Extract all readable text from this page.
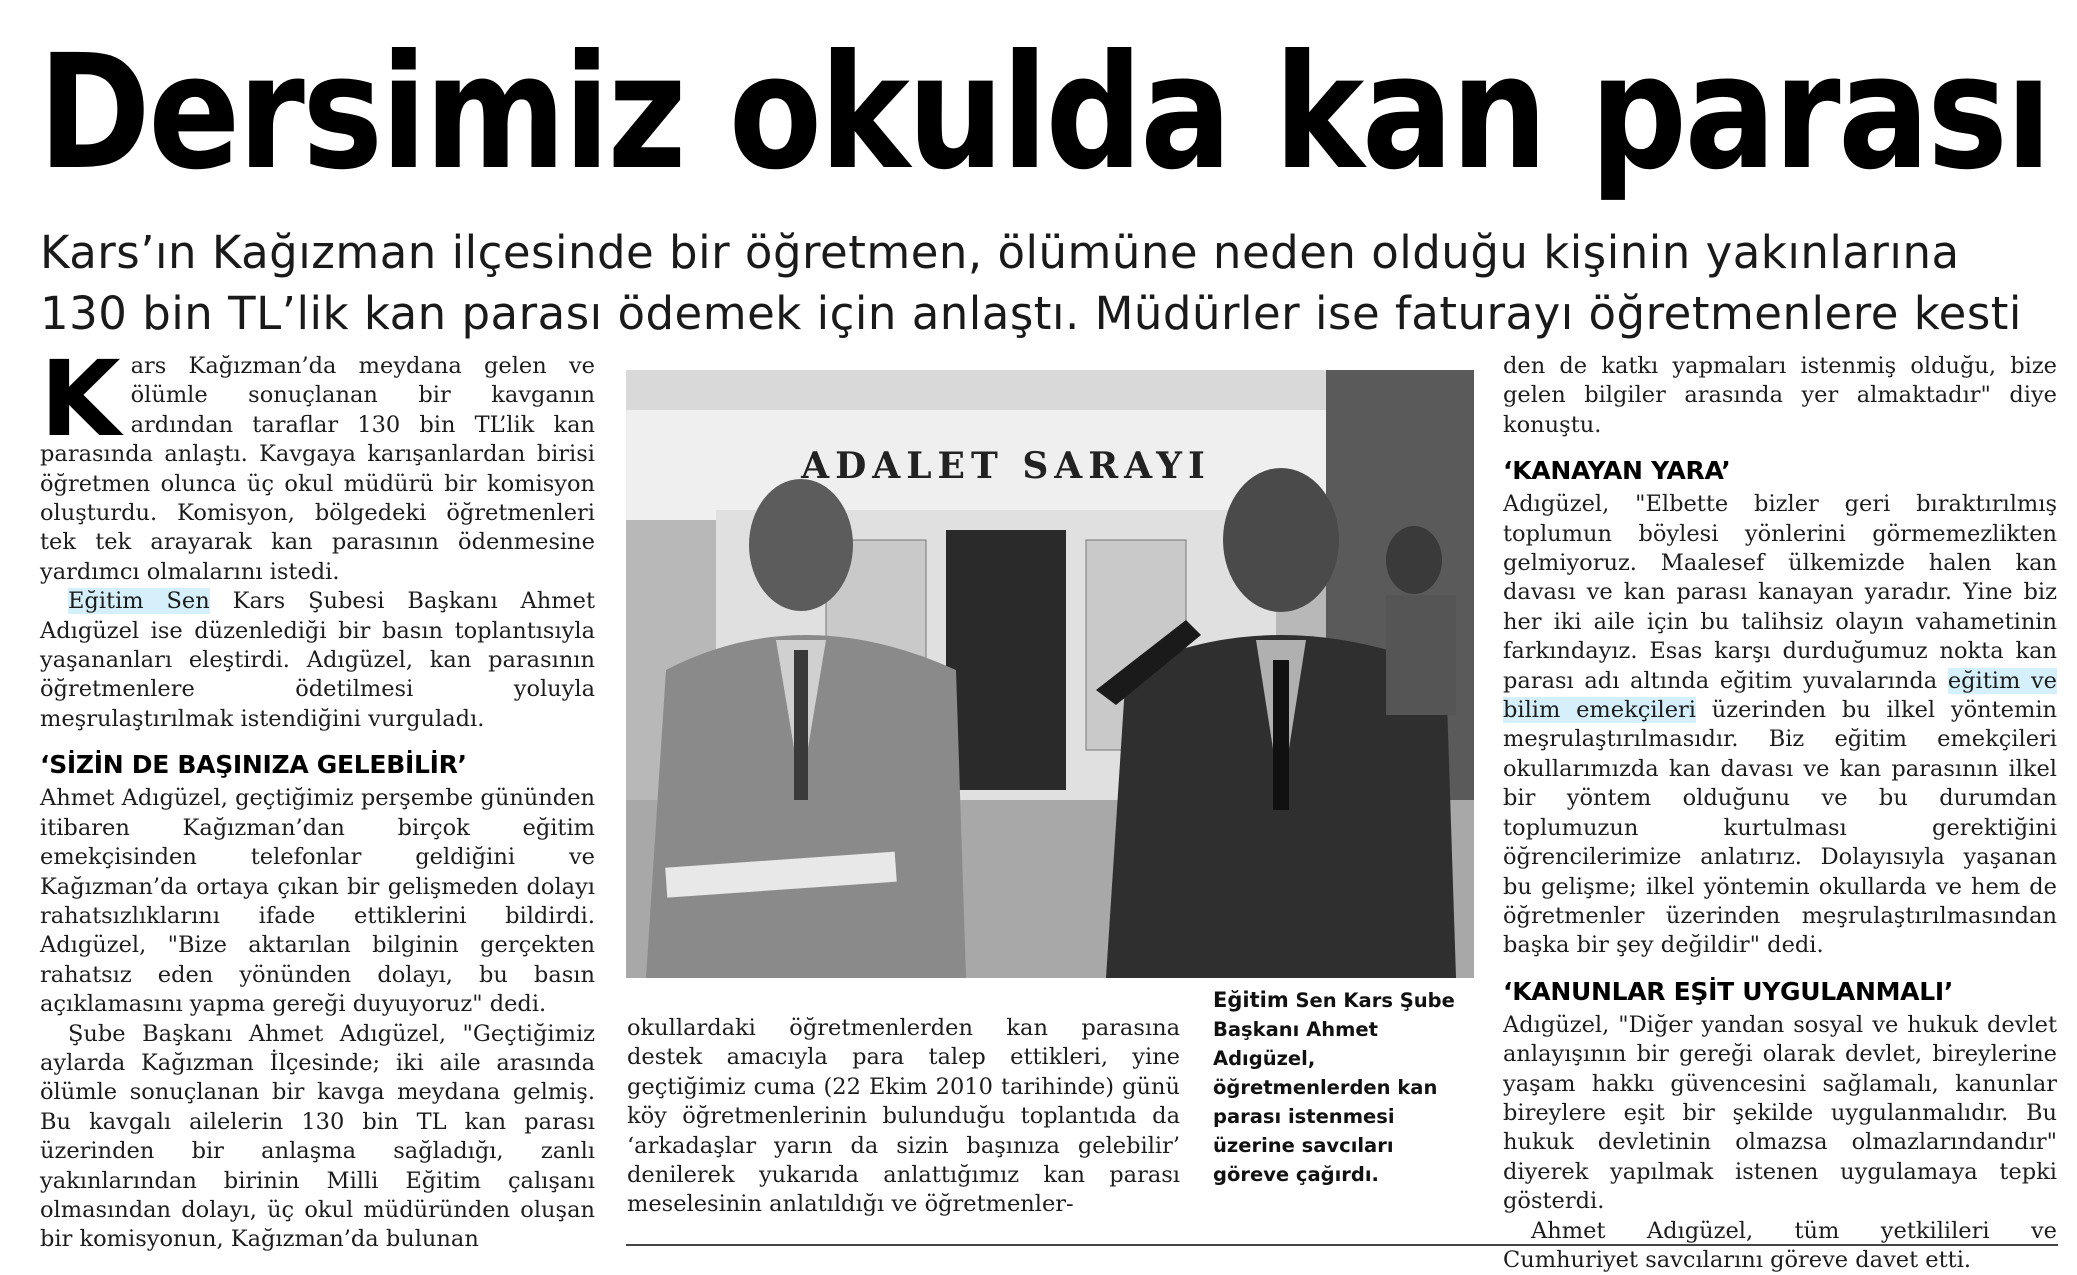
Dersimiz okulda kan parası
Kars’ın Kağızman ilçesinde bir öğretmen, ölümüne neden olduğu kişinin yakınlarına
130 bin TL’lik kan parası ödemek için anlaştı. Müdürler ise faturayı öğretmenlere kesti

Kars Kağızman’da meydana gelen ve ölümle sonuçlanan bir kavganın ardından taraflar 130 bin TL’lik kan parasında anlaştı. Kavgaya karışanlardan birisi öğretmen olunca üç okul müdürü bir komisyon oluşturdu. Komisyon, bölgedeki öğretmenleri tek tek arayarak kan parasının ödenmesine yardımcı olmalarını istedi.

Eğitim Sen Kars Şubesi Başkanı Ahmet Adıgüzel ise düzenlediği bir basın toplantısıyla yaşananları eleştirdi. Adıgüzel, kan parasının öğretmenlere ödetilmesi yoluyla meşrulaştırılmak istendiğini vurguladı.

‘SİZİN DE BAŞINIZA GELEBİLİR’

Ahmet Adıgüzel, geçtiğimiz perşembe gününden itibaren Kağızman’dan birçok eğitim emekçisinden telefonlar geldiğini ve Kağızman’da ortaya çıkan bir gelişmeden dolayı rahatsızlıklarını ifade ettiklerini bildirdi. Adıgüzel, "Bize aktarılan bilginin gerçekten rahatsız eden yönünden dolayı, bu basın açıklamasını yapma gereği duyuyoruz" dedi.

Şube Başkanı Ahmet Adıgüzel, "Geçtiğimiz aylarda Kağızman İlçesinde; iki aile arasında ölümle sonuçlanan bir kavga meydana gelmiş. Bu kavgalı ailelerin 130 bin TL kan parası üzerinden bir anlaşma sağladığı, zanlı yakınlarından birinin Milli Eğitim çalışanı olmasından dolayı, üç okul müdüründen oluşan bir komisyonun, Kağızman’da bulunan

ADALET SARAYI

okullardaki öğretmenlerden kan parasına destek amacıyla para talep ettikleri, yine geçtiğimiz cuma (22 Ekim 2010 tarihinde) günü köy öğretmenlerinin bulunduğu toplantıda da ‘arkadaşlar yarın da sizin başınıza gelebilir’ denilerek yukarıda anlattığımız kan parası meselesinin anlatıldığı ve öğretmenler-

Eğitim Sen Kars Şube Başkanı Ahmet Adıgüzel, öğretmenlerden kan parası istenmesi üzerine savcıları göreve çağırdı.

den de katkı yapmaları istenmiş olduğu, bize gelen bilgiler arasında yer almaktadır" diye konuştu.

‘KANAYAN YARA’

Adıgüzel, "Elbette bizler geri bıraktırılmış toplumun böylesi yönlerini görmemezlikten gelmiyoruz. Maalesef ülkemizde halen kan davası ve kan parası kanayan yaradır. Yine biz her iki aile için bu talihsiz olayın vahametinin farkındayız. Esas karşı durduğumuz nokta kan parası adı altında eğitim yuvalarında eğitim ve bilim emekçileri üzerinden bu ilkel yöntemin meşrulaştırılmasıdır. Biz eğitim emekçileri okullarımızda kan davası ve kan parasının ilkel bir yöntem olduğunu ve bu durumdan toplumuzun kurtulması gerektiğini öğrencilerimize anlatırız. Dolayısıyla yaşanan bu gelişme; ilkel yöntemin okullarda ve hem de öğretmenler üzerinden meşrulaştırılmasından başka bir şey değildir" dedi.

‘KANUNLAR EŞİT UYGULANMALI’

Adıgüzel, "Diğer yandan sosyal ve hukuk devlet anlayışının bir gereği olarak devlet, bireylerine yaşam hakkı güvencesini sağlamalı, kanunlar bireylere eşit bir şekilde uygulanmalıdır. Bu hukuk devletinin olmazsa olmazlarındandır" diyerek yapılmak istenen uygulamaya tepki gösterdi.

Ahmet Adıgüzel, tüm yetkilileri ve Cumhuriyet savcılarını göreve davet etti.
